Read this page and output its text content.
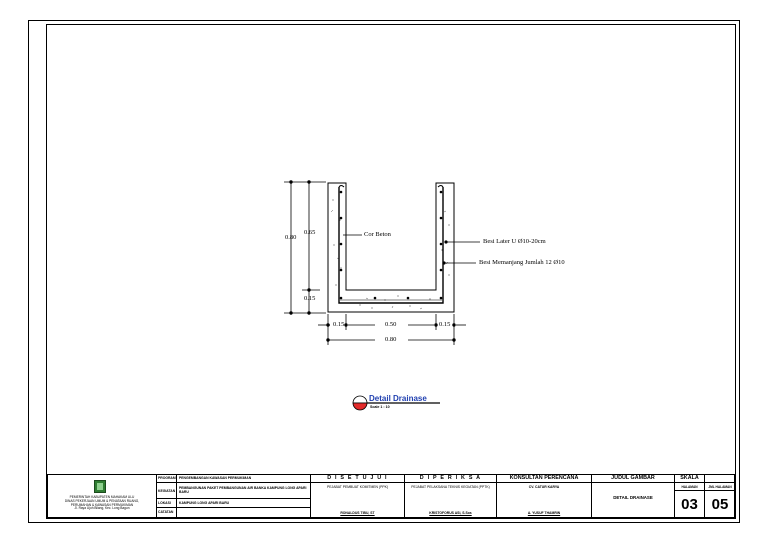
0.80
0.65
0.15
0.15	0.50	0.15
0.80
Cor Beton
Besi Later U Ø10-20cm
Besi Memanjang Jumlah 12 Ø10
Detail Drainase
Scale 1 : 10
PEMERINTAH KABUPATEN MAHAKAM ULU
DINAS PEKERJAAN UMUM & PENATAAN RUANG,
PERUMAHAN & KAWASAN PERMUKIMAN
Jl. Raya Ujoh Bilang, Kec. Long Bagun
PROGRAM PENGEMBANGAN KAWASAN PERMUKIMAN
KEGIATAN
PEMBANGUNAN PAKET PEMBANGUNAN AIR BANKA KAMPUNG LONG APARI BARU
LOKASI	KAMPUNG LONG APARI BARU
CATATAN
D I S E T U J U I
PEJABAT PEMBUAT KOMITMEN (PPK)
RONALDUS TIBU, ST
D I P E R I K S A
PEJABAT PELAKSANA TEKNIS KEGIATAN (PPTK)
KRISTOFORUS ASI, S.Sos
KONSULTAN PERENCANA
CV. CATUR KARYA
A. YUSUF THAMRIN
JUDUL GAMBAR
DETAIL DRAINASE
SKALA
HALAMAN	JML HALAMAN
03 05
